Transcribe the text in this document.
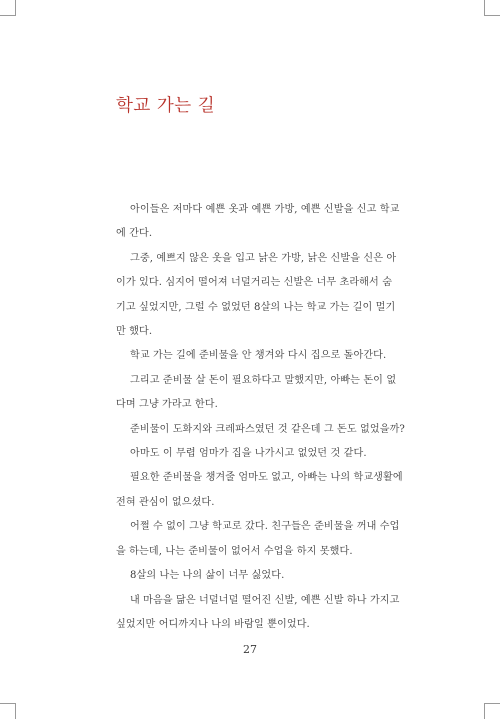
학교 가는 길

아이들은 저마다 예쁜 옷과 예쁜 가방, 예쁜 신발을 신고 학교
에 간다.

그중, 예쁘지 않은 옷을 입고 낡은 가방, 낡은 신발을 신은 아
이가 있다. 심지어 떨어져 너덜거리는 신발은 너무 초라해서 숨
기고 싶었지만, 그럴 수 없었던 8살의 나는 학교 가는 길이 멀기
만 했다.

학교 가는 길에 준비물을 안 챙겨와 다시 집으로 돌아간다.

그리고 준비물 살 돈이 필요하다고 말했지만, 아빠는 돈이 없
다며 그냥 가라고 한다.

준비물이 도화지와 크레파스였던 것 같은데 그 돈도 없었을까?

아마도 이 무렵 엄마가 집을 나가시고 없었던 것 같다.

필요한 준비물을 챙겨줄 엄마도 없고, 아빠는 나의 학교생활에
전혀 관심이 없으셨다.

어쩔 수 없이 그냥 학교로 갔다. 친구들은 준비물을 꺼내 수업
을 하는데, 나는 준비물이 없어서 수업을 하지 못했다.

8살의 나는 나의 삶이 너무 싫었다.

내 마음을 닮은 너덜너덜 떨어진 신발, 예쁜 신발 하나 가지고
싶었지만 어디까지나 나의 바람일 뿐이었다.

27
